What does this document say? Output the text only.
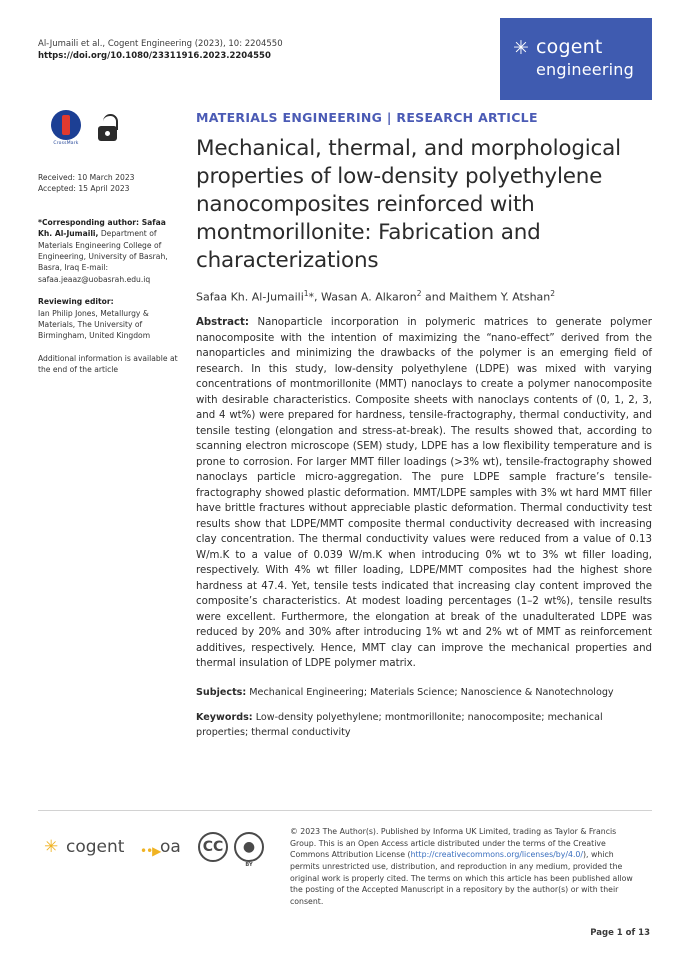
Al-Jumaili et al., Cogent Engineering (2023), 10: 2204550
https://doi.org/10.1080/23311916.2023.2204550	✳ cogent
engineering
CrossMark
Received: 10 March 2023
Accepted: 15 April 2023
*Corresponding author: Safaa Kh. Al-Jumaili, Department of Materials Engineering College of Engineering, University of Basrah, Basra, Iraq E-mail: safaa.jeaaz@uobasrah.edu.iq
Reviewing editor:
Ian Philip Jones, Metallurgy & Materials, The University of Birmingham, United Kingdom
Additional information is available at the end of the article
MATERIALS ENGINEERING | RESEARCH ARTICLE
Mechanical, thermal, and morphological properties of low-density polyethylene nanocomposites reinforced with montmorillonite: Fabrication and characterizations
Safaa Kh. Al-Jumaili$^1$*, Wasan A. Alkaron$^2$ and Maithem Y. Atshan$^2$
Abstract: Nanoparticle incorporation in polymeric matrices to generate polymer nanocomposite with the intention of maximizing the “nano-effect” derived from the nanoparticles and minimizing the drawbacks of the polymer is an emerging field of research. In this study, low-density polyethylene (LDPE) was mixed with varying concentrations of montmorillonite (MMT) nanoclays to create a polymer nanocomposite with desirable characteristics. Composite sheets with nanoclays contents of (0, 1, 2, 3, and 4 wt%) were prepared for hardness, tensile-fractography, thermal conductivity, and tensile testing (elongation and stress-at-break). The results showed that, according to scanning electron microscope (SEM) study, LDPE has a low flexibility temperature and is prone to corrosion. For larger MMT filler loadings (>3% wt), tensile-fractography showed nanoclays particle micro-aggregation. The pure LDPE sample fracture’s tensile-fractography showed plastic deformation. MMT/LDPE samples with 3% wt hard MMT filler have brittle fractures without appreciable plastic deformation. Thermal conductivity test results show that LDPE/MMT composite thermal conductivity decreased with increasing clay concentration. The thermal conductivity values were reduced from a value of 0.13 W/m.K to a value of 0.039 W/m.K when introducing 0% wt to 3% wt filler loading, respectively. With 4% wt filler loading, LDPE/MMT composites had the highest shore hardness at 47.4. Yet, tensile tests indicated that increasing clay content improved the composite’s characteristics. At modest loading percentages (1–2 wt%), tensile results were excellent. Furthermore, the elongation at break of the unadulterated LDPE was reduced by 20% and 30% after introducing 1% wt and 2% wt of MMT as reinforcement additives, respectively. Hence, MMT clay can improve the mechanical properties and thermal insulation of LDPE polymer matrix.
Subjects: Mechanical Engineering; Materials Science; Nanoscience & Nanotechnology
Keywords: Low-density polyethylene; montmorillonite; nanocomposite; mechanical properties; thermal conductivity
✳ cogent ••▶ oa	CC	●
BY
© 2023 The Author(s). Published by Informa UK Limited, trading as Taylor & Francis Group. This is an Open Access article distributed under the terms of the Creative Commons Attribution License (http://creativecommons.org/licenses/by/4.0/), which permits unrestricted use, distribution, and reproduction in any medium, provided the original work is properly cited. The terms on which this article has been published allow the posting of the Accepted Manuscript in a repository by the author(s) or with their consent.
Page 1 of 13
